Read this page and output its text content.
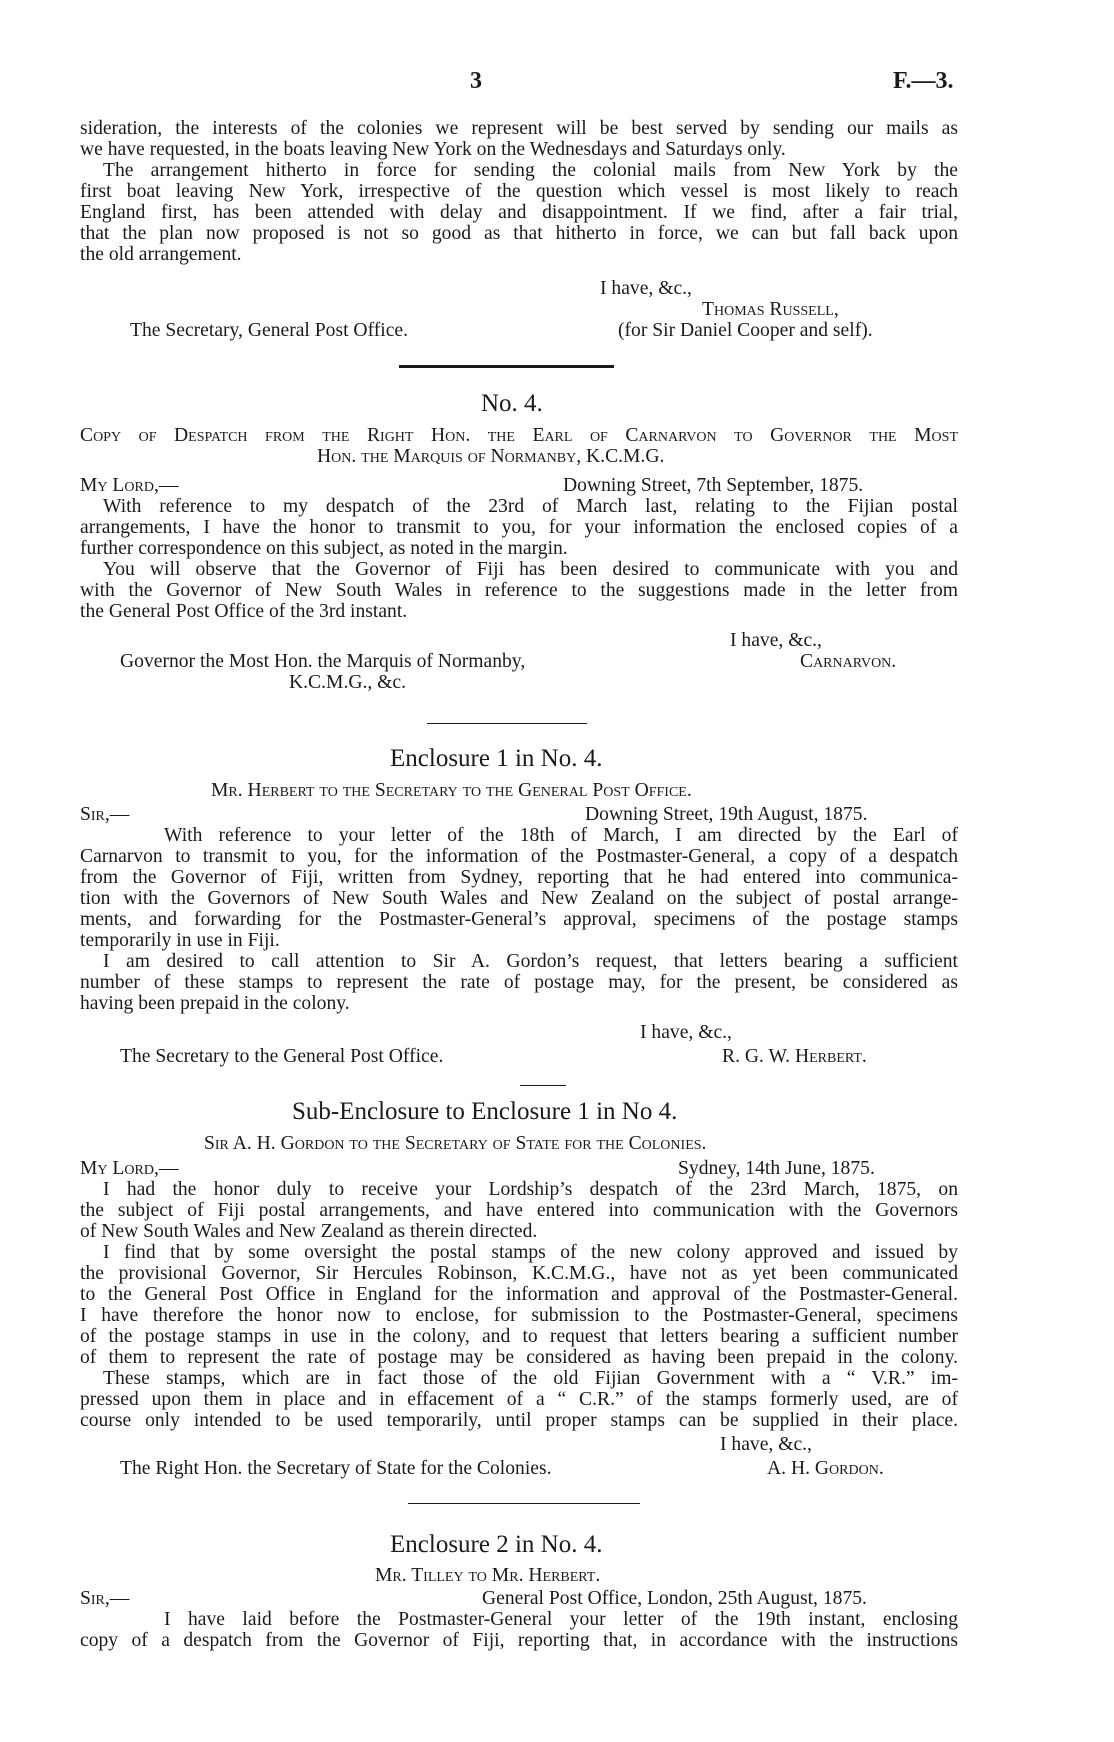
3	F.—3.
sideration, the interests of the colonies we represent will be best served by sending our mails as
we have requested, in the boats leaving New York on the Wednesdays and Saturdays only.
The arrangement hitherto in force for sending the colonial mails from New York by the
first boat leaving New York, irrespective of the question which vessel is most likely to reach
England first, has been attended with delay and disappointment. If we find, after a fair trial,
that the plan now proposed is not so good as that hitherto in force, we can but fall back upon
the old arrangement.
I have, &c.,
Thomas Russell,
The Secretary, General Post Office.	(for Sir Daniel Cooper and self).
No. 4.
Copy of Despatch from the Right Hon. the Earl of Carnarvon to Governor the Most
Hon. the Marquis of Normanby, K.C.M.G.
My Lord,—	Downing Street, 7th September, 1875.
With reference to my despatch of the 23rd of March last, relating to the Fijian postal
arrangements, I have the honor to transmit to you, for your information the enclosed copies of a
further correspondence on this subject, as noted in the margin.
You will observe that the Governor of Fiji has been desired to communicate with you and
with the Governor of New South Wales in reference to the suggestions made in the letter from
the General Post Office of the 3rd instant.
I have, &c.,
Governor the Most Hon. the Marquis of Normanby,	Carnarvon.
K.C.M.G., &c.
Enclosure 1 in No. 4.
Mr. Herbert to the Secretary to the General Post Office.
Sir,—	Downing Street, 19th August, 1875.
With reference to your letter of the 18th of March, I am directed by the Earl of
Carnarvon to transmit to you, for the information of the Postmaster-General, a copy of a despatch
from the Governor of Fiji, written from Sydney, reporting that he had entered into communica-
tion with the Governors of New South Wales and New Zealand on the subject of postal arrange-
ments, and forwarding for the Postmaster-General’s approval, specimens of the postage stamps
temporarily in use in Fiji.
I am desired to call attention to Sir A. Gordon’s request, that letters bearing a sufficient
number of these stamps to represent the rate of postage may, for the present, be considered as
having been prepaid in the colony.
I have, &c.,
The Secretary to the General Post Office.	R. G. W. Herbert.
Sub-Enclosure to Enclosure 1 in No 4.
Sir A. H. Gordon to the Secretary of State for the Colonies.
My Lord,—	Sydney, 14th June, 1875.
I had the honor duly to receive your Lordship’s despatch of the 23rd March, 1875, on
the subject of Fiji postal arrangements, and have entered into communication with the Governors
of New South Wales and New Zealand as therein directed.
I find that by some oversight the postal stamps of the new colony approved and issued by
the provisional Governor, Sir Hercules Robinson, K.C.M.G., have not as yet been communicated
to the General Post Office in England for the information and approval of the Postmaster-General.
I have therefore the honor now to enclose, for submission to the Postmaster-General, specimens
of the postage stamps in use in the colony, and to request that letters bearing a sufficient number
of them to represent the rate of postage may be considered as having been prepaid in the colony.
These stamps, which are in fact those of the old Fijian Government with a “ V.R.” im-
pressed upon them in place and in effacement of a “ C.R.” of the stamps formerly used, are of
course only intended to be used temporarily, until proper stamps can be supplied in their place.
I have, &c.,
The Right Hon. the Secretary of State for the Colonies.	A. H. Gordon.
Enclosure 2 in No. 4.
Mr. Tilley to Mr. Herbert.
Sir,—	General Post Office, London, 25th August, 1875.
I have laid before the Postmaster-General your letter of the 19th instant, enclosing
copy of a despatch from the Governor of Fiji, reporting that, in accordance with the instructions
